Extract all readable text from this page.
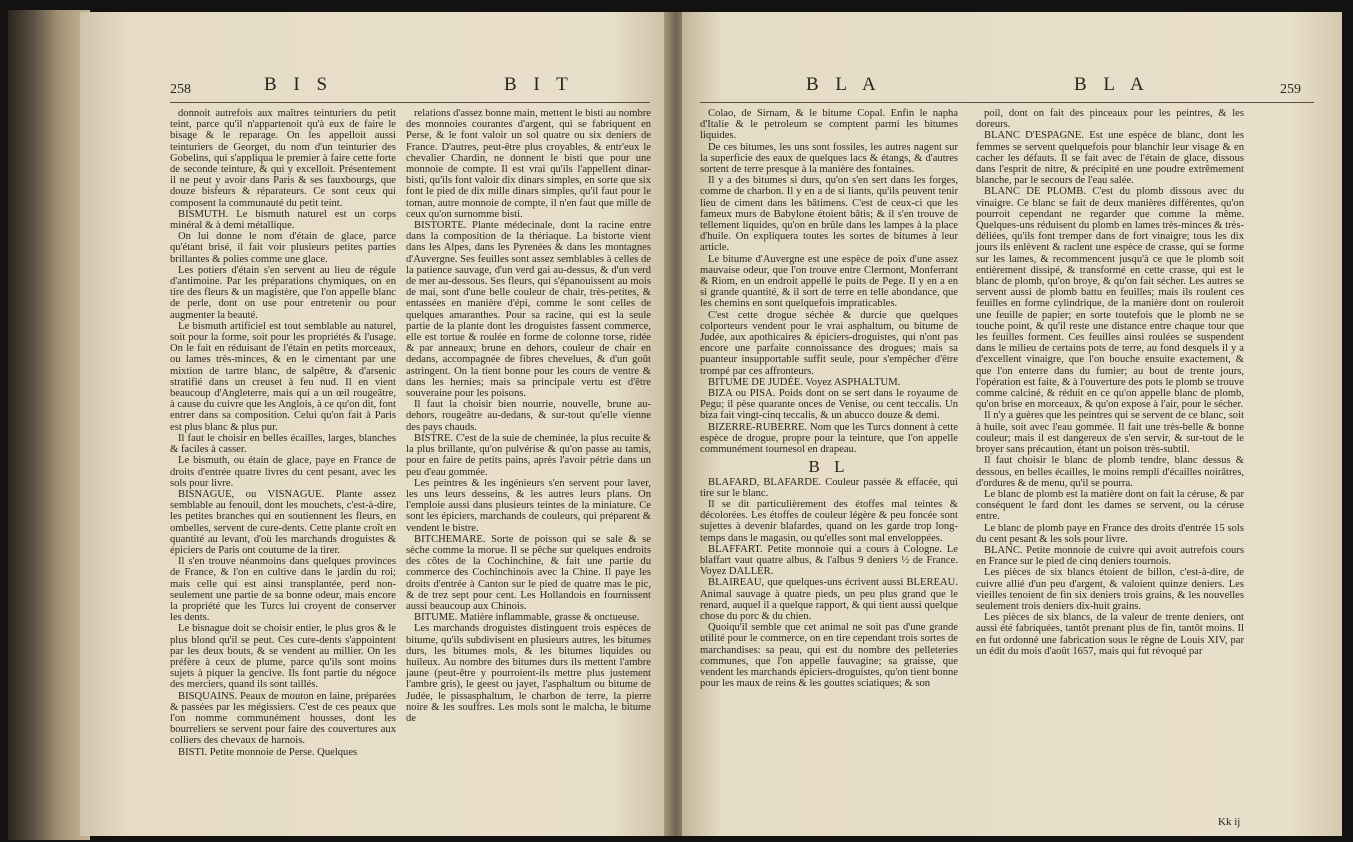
258	B I S	B I T

donnoit autrefois aux maîtres teinturiers du petit teint, parce qu'il n'appartenoit qu'à eux de faire le bisage & le reparage. On les appelloit aussi teinturiers de Georget, du nom d'un teinturier des Gobelins, qui s'appliqua le premier à faire cette forte de seconde teinture, & qui y excelloit. Présentement il ne peut y avoir dans Paris & ses fauxbourgs, que douze bisfeurs & réparateurs. Ce sont ceux qui composent la communauté du petit teint.

BISMUTH. Le bismuth naturel est un corps minéral & à demi métallique.

On lui donne le nom d'étain de glace, parce qu'étant brisé, il fait voir plusieurs petites parties brillantes & polies comme une glace.

Les potiers d'étain s'en servent au lieu de régule d'antimoine. Par les préparations chymiques, on en tire des fleurs & un magistère, que l'on appelle blanc de perle, dont on use pour entretenir ou pour augmenter la beauté.

Le bismuth artificiel est tout semblable au naturel, soit pour la forme, soit pour les propriétés & l'usage. On le fait en réduisant de l'étain en petits morceaux, ou lames très-minces, & en le cimentant par une mixtion de tartre blanc, de salpêtre, & d'arsenic stratifié dans un creuset à feu nud. Il en vient beaucoup d'Angleterre, mais qui a un œil rougeâtre, à cause du cuivre que les Anglois, à ce qu'on dit, font entrer dans sa composition. Celui qu'on fait à Paris est plus blanc & plus pur.

Il faut le choisir en belles écailles, larges, blanches & faciles à casser.

Le bismuth, ou étain de glace, paye en France de droits d'entrée quatre livres du cent pesant, avec les sols pour livre.

BISNAGUE, ou VISNAGUE. Plante assez semblable au fenouil, dont les mouchets, c'est-à-dire, les petites branches qui en soutiennent les fleurs, en ombelles, servent de cure-dents. Cette plante croît en quantité au levant, d'où les marchands droguistes & épiciers de Paris ont coutume de la tirer.

Il s'en trouve néanmoins dans quelques provinces de France, & l'on en cultive dans le jardin du roi; mais celle qui est ainsi transplantée, perd non-seulement une partie de sa bonne odeur, mais encore la propriété que les Turcs lui croyent de conserver les dents.

Le bisnague doit se choisir entier, le plus gros & le plus blond qu'il se peut. Ces cure-dents s'appointent par les deux bouts, & se vendent au millier. On les préfère à ceux de plume, parce qu'ils sont moins sujets à piquer la gencive. Ils font partie du négoce des merciers, quand ils sont taillés.

BISQUAINS. Peaux de mouton en laine, préparées & passées par les mégissiers. C'est de ces peaux que l'on nomme communément housses, dont les bourreliers se servent pour faire des couvertures aux colliers des chevaux de harnois.

BISTI. Petite monnoie de Perse. Quelques

relations d'assez bonne main, mettent le bisti au nombre des monnoies courantes d'argent, qui se fabriquent en Perse, & le font valoir un sol quatre ou six deniers de France. D'autres, peut-être plus croyables, & entr'eux le chevalier Chardin, ne donnent le bisti que pour une monnoie de compte. Il est vrai qu'ils l'appellent dinar-bisti, qu'ils font valoir dix dinars simples, en sorte que six font le pied de dix mille dinars simples, qu'il faut pour le toman, autre monnoie de compte, il n'en faut que mille de ceux qu'on surnomme bisti.

BISTORTE. Plante médecinale, dont la racine entre dans la composition de la thériaque. La bistorte vient dans les Alpes, dans les Pyrenées & dans les montagnes d'Auvergne. Ses feuilles sont assez semblables à celles de la patience sauvage, d'un verd gai au-dessus, & d'un verd de mer au-dessous. Ses fleurs, qui s'épanouissent au mois de mai, sont d'une belle couleur de chair, très-petites, & entassées en manière d'épi, comme le sont celles de quelques amaranthes. Pour sa racine, qui est la seule partie de la plante dont les droguistes fassent commerce, elle est tortue & roulée en forme de colonne torse, ridée & par anneaux; brune en dehors, couleur de chair en dedans, accompagnée de fibres chevelues, & d'un goût astringent. On la tient bonne pour les cours de ventre & dans les hernies; mais sa principale vertu est d'être souveraine pour les poisons.

Il faut la choisir bien nourrie, nouvelle, brune au-dehors, rougeâtre au-dedans, & sur-tout qu'elle vienne des pays chauds.

BISTRE. C'est de la suie de cheminée, la plus recuite & la plus brillante, qu'on pulvérise & qu'on passe au tamis, pour en faire de petits pains, après l'avoir pétrie dans un peu d'eau gommée.

Les peintres & les ingénieurs s'en servent pour laver, les uns leurs desseins, & les autres leurs plans. On l'emploie aussi dans plusieurs teintes de la miniature. Ce sont les épiciers, marchands de couleurs, qui préparent & vendent le bistre.

BITCHEMARE. Sorte de poisson qui se sale & se sèche comme la morue. Il se pêche sur quelques endroits des côtes de la Cochinchine, & fait une partie du commerce des Cochinchinois avec la Chine. Il paye les droits d'entrée à Canton sur le pied de quatre mas le pic, & de trez sept pour cent. Les Hollandois en fournissent aussi beaucoup aux Chinois.

BITUME. Matière inflammable, grasse & onctueuse.

Les marchands droguistes distinguent trois espèces de bitume, qu'ils subdivisent en plusieurs autres, les bitumes durs, les bitumes mols, & les bitumes liquides ou huileux. Au nombre des bitumes durs ils mettent l'ambre jaune (peut-être y pourroient-ils mettre plus justement l'ambre gris), le geest ou jayet, l'asphaltum ou bitume de Judée, le pissasphaltum, le charbon de terre, la pierre noire & les souffres. Les mols sont le malcha, le bitume de

B L A	B L A	259

Colao, de Sirnam, & le bitume Copal. Enfin le napha d'Italie & le petroleum se comptent parmi les bitumes liquides.

De ces bitumes, les uns sont fossiles, les autres nagent sur la superficie des eaux de quelques lacs & étangs, & d'autres sortent de terre presque à la manière des fontaines.

Il y a des bitumes si durs, qu'on s'en sert dans les forges, comme de charbon. Il y en a de si liants, qu'ils peuvent tenir lieu de ciment dans les bâtimens. C'est de ceux-ci que les fameux murs de Babylone étoient bâtis; & il s'en trouve de tellement liquides, qu'on en brûle dans les lampes à la place d'huile. On expliquera toutes les sortes de bitumes à leur article.

Le bitume d'Auvergne est une espèce de poix d'une assez mauvaise odeur, que l'on trouve entre Clermont, Monferrant & Riom, en un endroit appellé le puits de Pege. Il y en a en si grande quantité, & il sort de terre en telle abondance, que les chemins en sont quelquefois impraticables.

C'est cette drogue séchée & durcie que quelques colporteurs vendent pour le vrai asphaltum, ou bitume de Judée, aux apothicaires & épiciers-droguistes, qui n'ont pas encore une parfaite connoissance des drogues; mais sa puanteur insupportable suffit seule, pour s'empêcher d'être trompé par ces affronteurs.

BITUME DE JUDÉE. Voyez ASPHALTUM.

BIZA ou PISA. Poids dont on se sert dans le royaume de Pegu; il pèse quarante onces de Venise, ou cent teccalis. Un biza fait vingt-cinq teccalis, & un abucco douze & demi.

BIZERRE-RUBERRE. Nom que les Turcs donnent à cette espèce de drogue, propre pour la teinture, que l'on appelle communément tournesol en drapeau.

B L

BLAFARD, BLAFARDE. Couleur passée & effacée, qui tire sur le blanc.

Il se dit particulièrement des étoffes mal teintes & décolorées. Les étoffes de couleur légère & peu foncée sont sujettes à devenir blafardes, quand on les garde trop long-temps dans le magasin, ou qu'elles sont mal enveloppées.

BLAFFART. Petite monnoie qui a cours à Cologne. Le blaffart vaut quatre albus, & l'albus 9 deniers ½ de France. Voyez DALLER.

BLAIREAU, que quelques-uns écrivent aussi BLEREAU. Animal sauvage à quatre pieds, un peu plus grand que le renard, auquel il a quelque rapport, & qui tient aussi quelque chose du porc & du chien.

Quoiqu'il semble que cet animal ne soit pas d'une grande utilité pour le commerce, on en tire cependant trois sortes de marchandises: sa peau, qui est du nombre des pelleteries communes, que l'on appelle fauvagine; sa graisse, que vendent les marchands épiciers-droguistes, qu'on tient bonne pour les maux de reins & les gouttes sciatiques; & son

poil, dont on fait des pinceaux pour les peintres, & les doreurs.

BLANC D'ESPAGNE. Est une espèce de blanc, dont les femmes se servent quelquefois pour blanchir leur visage & en cacher les défauts. Il se fait avec de l'étain de glace, dissous dans l'esprit de nitre, & précipité en une poudre extrêmement blanche, par le secours de l'eau salée.

BLANC DE PLOMB. C'est du plomb dissous avec du vinaigre. Ce blanc se fait de deux manières différentes, qu'on pourroit cependant ne regarder que comme la même. Quelques-uns réduisent du plomb en lames très-minces & très-déliées, qu'ils font tremper dans de fort vinaigre; tous les dix jours ils enlèvent & raclent une espèce de crasse, qui se forme sur les lames, & recommencent jusqu'à ce que le plomb soit entièrement dissipé, & transformé en cette crasse, qui est le blanc de plomb, qu'on broye, & qu'on fait sécher. Les autres se servent aussi de plomb battu en feuilles; mais ils roulent ces feuilles en forme cylindrique, de la manière dont on rouleroit une feuille de papier; en sorte toutefois que le plomb ne se touche point, & qu'il reste une distance entre chaque tour que les feuilles forment. Ces feuilles ainsi roulées se suspendent dans le milieu de certains pots de terre, au fond desquels il y a d'excellent vinaigre, que l'on bouche ensuite exactement, & que l'on enterre dans du fumier; au bout de trente jours, l'opération est faite, & à l'ouverture des pots le plomb se trouve comme calciné, & réduit en ce qu'on appelle blanc de plomb, qu'on brise en morceaux, & qu'on expose à l'air, pour le sécher.

Il n'y a guères que les peintres qui se servent de ce blanc, soit à huile, soit avec l'eau gommée. Il fait une très-belle & bonne couleur; mais il est dangereux de s'en servir, & sur-tout de le broyer sans précaution, étant un poison très-subtil.

Il faut choisir le blanc de plomb tendre, blanc dessus & dessous, en belles écailles, le moins rempli d'écailles noirâtres, d'ordures & de menu, qu'il se pourra.

Le blanc de plomb est la matière dont on fait la céruse, & par conséquent le fard dont les dames se servent, ou la céruse entre.

Le blanc de plomb paye en France des droits d'entrée 15 sols du cent pesant & les sols pour livre.

BLANC. Petite monnoie de cuivre qui avoit autrefois cours en France sur le pied de cinq deniers tournois.

Les pièces de six blancs étoient de billon, c'est-à-dire, de cuivre allié d'un peu d'argent, & valoient quinze deniers. Les vieilles tenoient de fin six deniers trois grains, & les nouvelles seulement trois deniers dix-huit grains.

Les pièces de six blancs, de la valeur de trente deniers, ont aussi été fabriquées, tantôt prenant plus de fin, tantôt moins. Il en fut ordonné une fabrication sous le règne de Louis XIV, par un édit du mois d'août 1657, mais qui fut révoqué par

Kk ij
